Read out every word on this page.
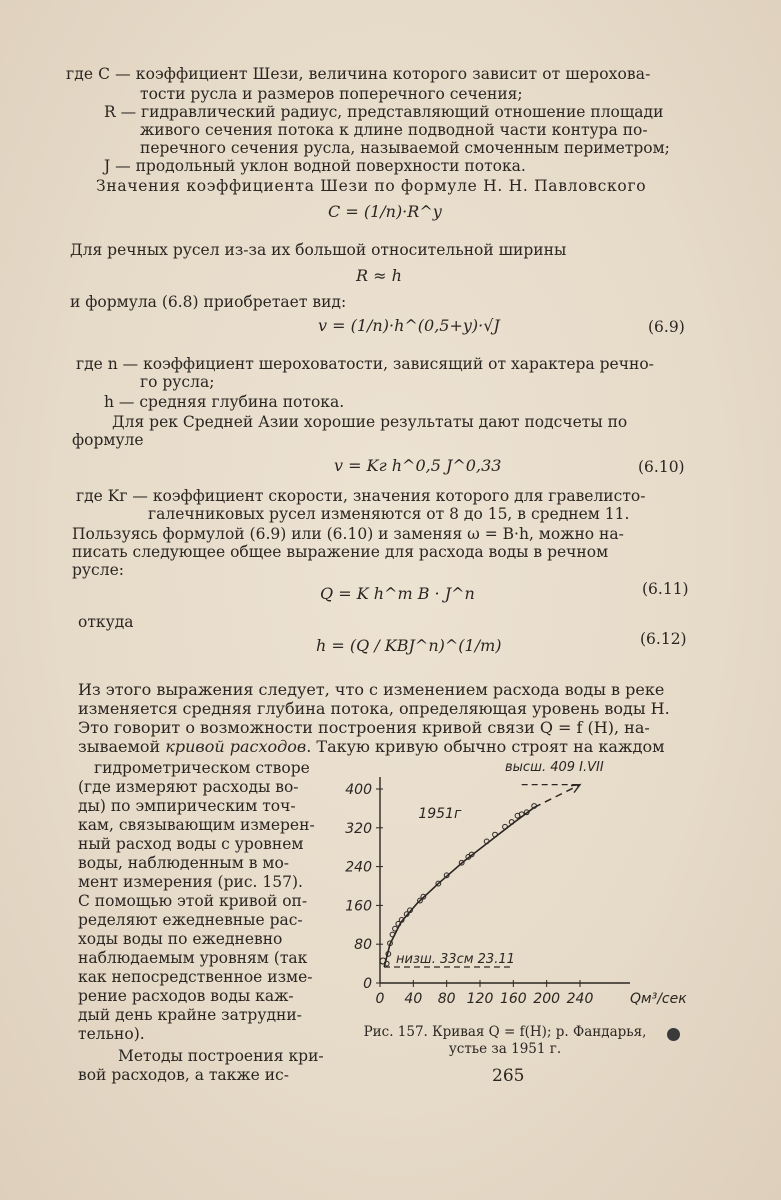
где C — коэффициент Шези, величина которого зависит от шерохова-
тости русла и размеров поперечного сечения;
R — гидравлический радиус, представляющий отношение площади
живого сечения потока к длине подводной части контура по-
перечного сечения русла, называемой смоченным периметром;
J — продольный уклон водной поверхности потока.
Значения коэффициента Шези по формуле Н. Н. Павловского
C = (1/n)·R^y
Для речных русел из-за их большой относительной ширины
R ≈ h
и формула (6.8) приобретает вид:
v = (1/n)·h^(0,5+y)·√J	(6.9)
где n — коэффициент шероховатости, зависящий от характера речно-
го русла;
h — средняя глубина потока.
Для рек Средней Азии хорошие результаты дают подсчеты по
формуле
v = Kг h^0,5 J^0,33	(6.10)
где Kг — коэффициент скорости, значения которого для гравелисто-
галечниковых русел изменяются от 8 до 15, в среднем 11.
Пользуясь формулой (6.9) или (6.10) и заменяя ω = B·h, можно на-
писать следующее общее выражение для расхода воды в речном
русле:
Q = K h^m B · J^n	(6.11)
откуда
h = (Q / KBJ^n)^(1/m)	(6.12)
Из этого выражения следует, что с изменением расхода воды в реке
изменяется средняя глубина потока, определяющая уровень воды H.
Это говорит о возможности построения кривой связи Q = f (H), на-
зываемой кривой расходов. Такую кривую обычно строят на каждом
гидрометрическом створе
(где измеряют расходы во-
ды) по эмпирическим точ-
кам, связывающим измерен-
ный расход воды с уровнем
воды, наблюденным в мо-
мент измерения (рис. 157).
С помощью этой кривой оп-
ределяют ежедневные рас-
ходы воды по ежедневно
наблюдаемым уровням (так
как непосредственное изме-
рение расходов воды каж-
дый день крайне затрудни-
тельно).
Методы построения кри-
вой расходов, а также ис-
0
80
160
240
320
400
0 40 80 120 160 200 240
1951г
высш. 409 I.VII
низш. 33см 23.11
Qм³/сек
Рис. 157. Кривая Q = f(H); р. Фандарья,
устье за 1951 г.
265
